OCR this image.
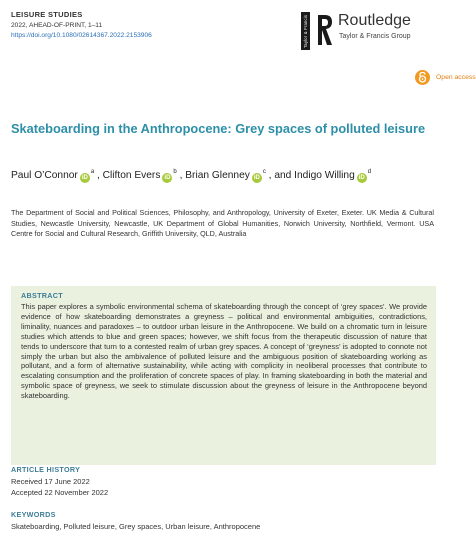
LEISURE STUDIES
2022, AHEAD-OF-PRINT, 1–11
https://doi.org/10.1080/02614367.2022.2153906	Taylor & Francis Routledge
Taylor & Francis Group
Open access
Skateboarding in the Anthropocene: Grey spaces of polluted leisure
Paul O’Connor $iD^a$ , Clifton Evers $iD^b$ , Brian Glenney $iD^c$ , and Indigo Willing $iD^d$
The Department of Social and Political Sciences, Philosophy, and Anthropology, University of Exeter, Exeter. UK Media & Cultural Studies, Newcastle University, Newcastle, UK Department of Global Humanities, Norwich University, Northfield, Vermont. USA Centre for Social and Cultural Research, Griffith University, QLD, Australia
ABSTRACT
This paper explores a symbolic environmental schema of skateboarding through the concept of ‘grey spaces’. We provide evidence of how skateboarding demonstrates a greyness – political and environmental ambiguities, contradictions, liminality, nuances and paradoxes – to outdoor urban leisure in the Anthropocene. We build on a chromatic turn in leisure studies which attends to blue and green spaces; however, we shift focus from the therapeutic discussion of nature that tends to underscore that turn to a contested realm of urban grey spaces. A concept of ‘greyness’ is adopted to connote not simply the urban but also the ambivalence of polluted leisure and the ambiguous position of skateboarding working as pollutant, and a form of alternative sustainability, while acting with complicity in neoliberal processes that contribute to escalating consumption and the proliferation of concrete spaces of play. In framing skateboarding in both the material and symbolic space of greyness, we seek to stimulate discussion about the greyness of leisure in the Anthropocene beyond skateboarding.
ARTICLE HISTORY
Received 17 June 2022
Accepted 22 November 2022
KEYWORDS
Skateboarding, Polluted leisure, Grey spaces, Urban leisure, Anthropocene
